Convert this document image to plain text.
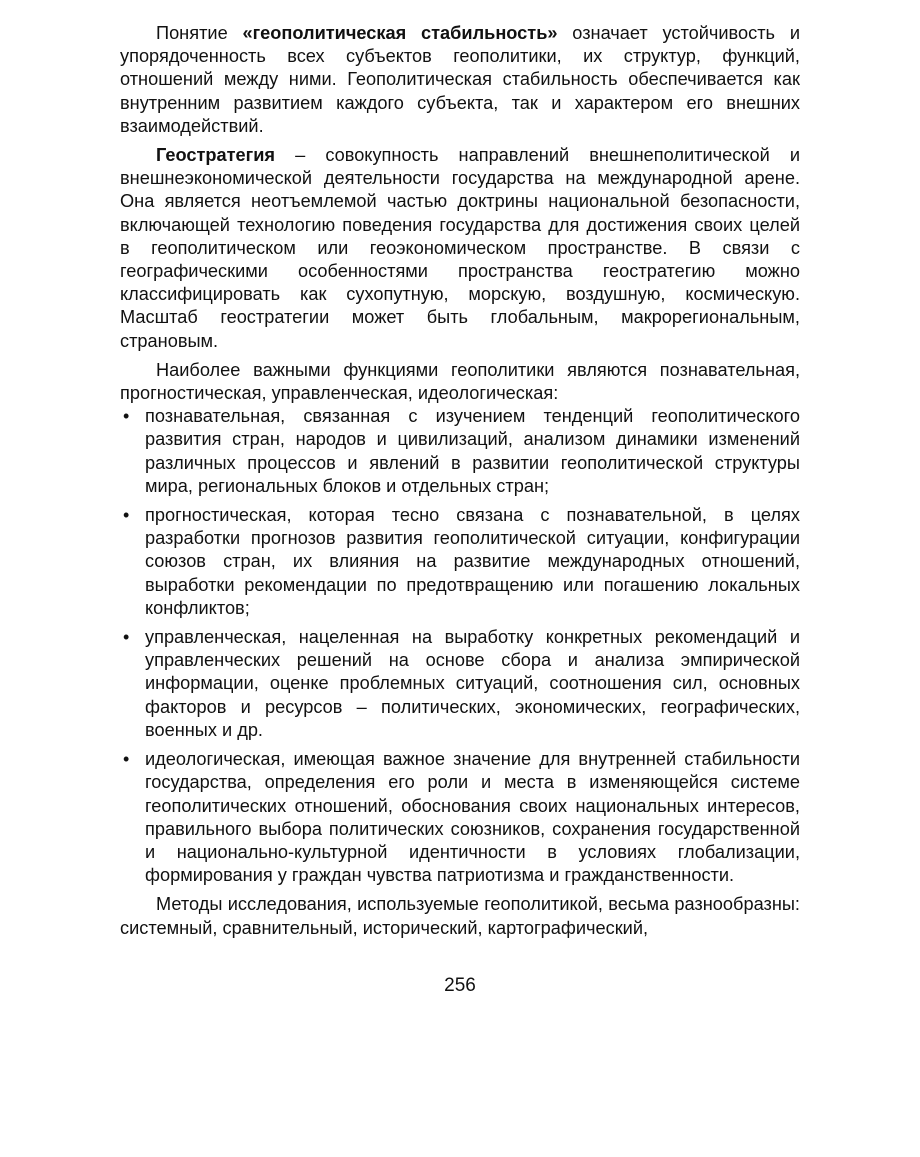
Понятие «геополитическая стабильность» означает устойчивость и упорядоченность всех субъектов геополитики, их структур, функций, отношений между ними. Геополитическая стабильность обеспечивается как внутренним развитием каждого субъекта, так и характером его внешних взаимодействий.

Геостратегия – совокупность направлений внешнеполитической и внешнеэкономической деятельности государства на международной арене. Она является неотъемлемой частью доктрины национальной безопасности, включающей технологию поведения государства для достижения своих целей в геополитическом или геоэкономическом пространстве. В связи с географическими особенностями пространства геостратегию можно классифицировать как сухопутную, морскую, воздушную, космическую. Масштаб геостратегии может быть глобальным, макрорегиональным, страновым.

Наиболее важными функциями геополитики являются познавательная, прогностическая, управленческая, идеологическая:

• познавательная, связанная с изучением тенденций геополитического развития стран, народов и цивилизаций, анализом динамики изменений различных процессов и явлений в развитии геополитической структуры мира, региональных блоков и отдельных стран;
• прогностическая, которая тесно связана с познавательной, в целях разработки прогнозов развития геополитической ситуации, конфигурации союзов стран, их влияния на развитие международных отношений, выработки рекомендации по предотвращению или погашению локальных конфликтов;
• управленческая, нацеленная на выработку конкретных рекомендаций и управленческих решений на основе сбора и анализа эмпирической информации, оценке проблемных ситуаций, соотношения сил, основных факторов и ресурсов – политических, экономических, географических, военных и др.
• идеологическая, имеющая важное значение для внутренней стабильности государства, определения его роли и места в изменяющейся системе геополитических отношений, обоснования своих национальных интересов, правильного выбора политических союзников, сохранения государственной и национально-культурной идентичности в условиях глобализации, формирования у граждан чувства патриотизма и гражданственности.

Методы исследования, используемые геополитикой, весьма разнообразны: системный, сравнительный, исторический, картографический,

256
